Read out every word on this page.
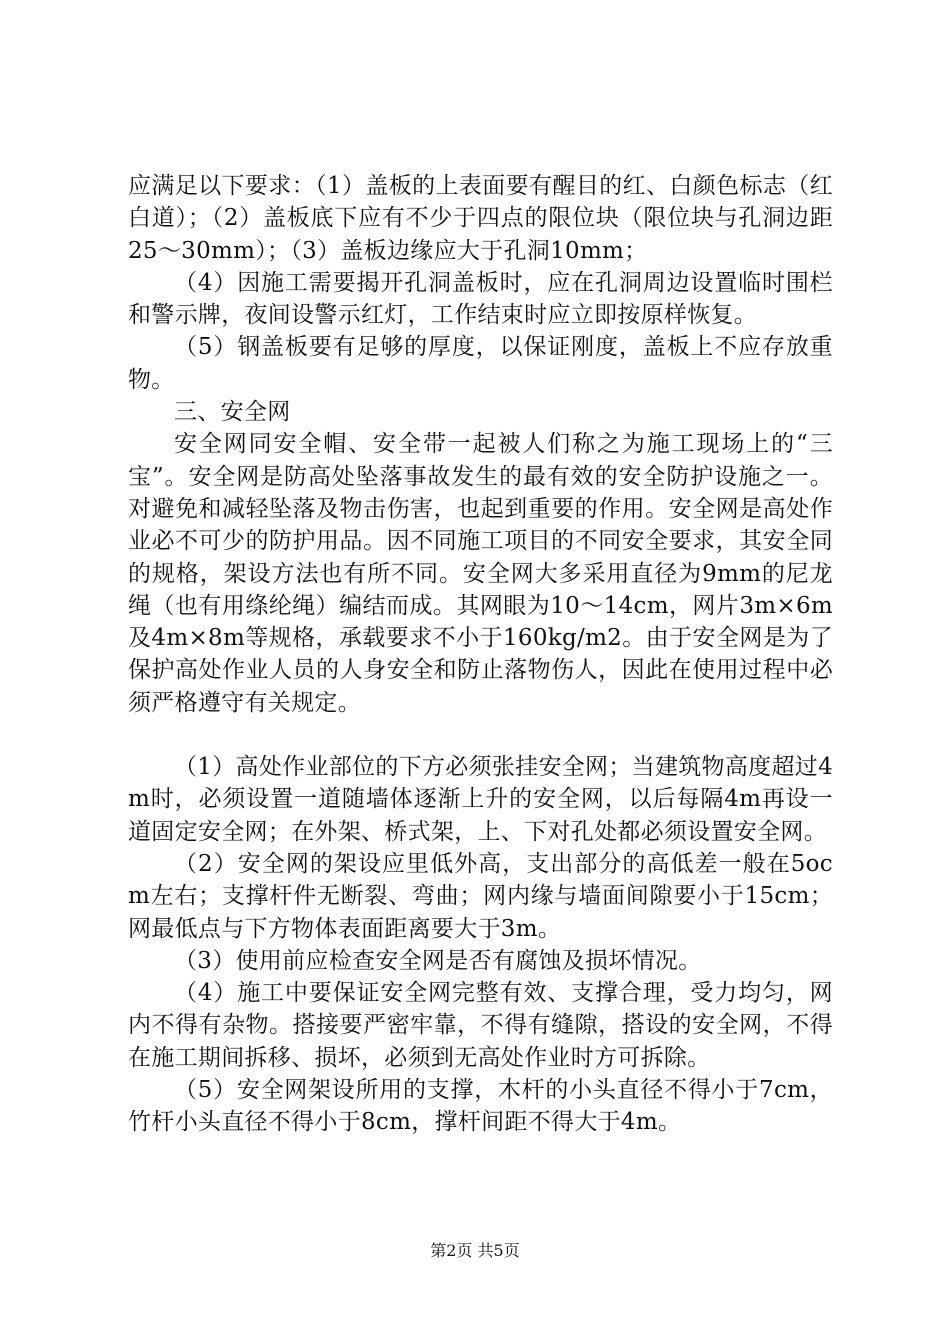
应满足以下要求：（1）盖板的上表面要有醒目的红、白颜色标志（红白道）；（2）盖板底下应有不少于四点的限位块（限位块与孔洞边距25～30mm）；（3）盖板边缘应大于孔洞10mm；

（4）因施工需要揭开孔洞盖板时，应在孔洞周边设置临时围栏和警示牌，夜间设警示红灯，工作结束时应立即按原样恢复。

（5）钢盖板要有足够的厚度，以保证刚度，盖板上不应存放重物。

三、安全网

安全网同安全帽、安全带一起被人们称之为施工现场上的“三宝”。安全网是防高处坠落事故发生的最有效的安全防护设施之一。对避免和减轻坠落及物击伤害，也起到重要的作用。安全网是高处作业必不可少的防护用品。因不同施工项目的不同安全要求，其安全同的规格，架设方法也有所不同。安全网大多采用直径为9mm的尼龙绳（也有用绦纶绳）编结而成。其网眼为10～14cm，网片3m×6m及4m×8m等规格，承载要求不小于160kg/m2。由于安全网是为了保护高处作业人员的人身安全和防止落物伤人，因此在使用过程中必须严格遵守有关规定。

（1）高处作业部位的下方必须张挂安全网；当建筑物高度超过4m时，必须设置一道随墙体逐渐上升的安全网，以后每隔4m再设一道固定安全网；在外架、桥式架，上、下对孔处都必须设置安全网。

（2）安全网的架设应里低外高，支出部分的高低差一般在5ocm左右；支撑杆件无断裂、弯曲；网内缘与墙面间隙要小于15cm；网最低点与下方物体表面距离要大于3m。

（3）使用前应检查安全网是否有腐蚀及损坏情况。

（4）施工中要保证安全网完整有效、支撑合理，受力均匀，网内不得有杂物。搭接要严密牢靠，不得有缝隙，搭设的安全网，不得在施工期间拆移、损坏，必须到无高处作业时方可拆除。

（5）安全网架设所用的支撑，木杆的小头直径不得小于7cm，竹杆小头直径不得小于8cm，撑杆间距不得大于4m。

第2页 共5页
